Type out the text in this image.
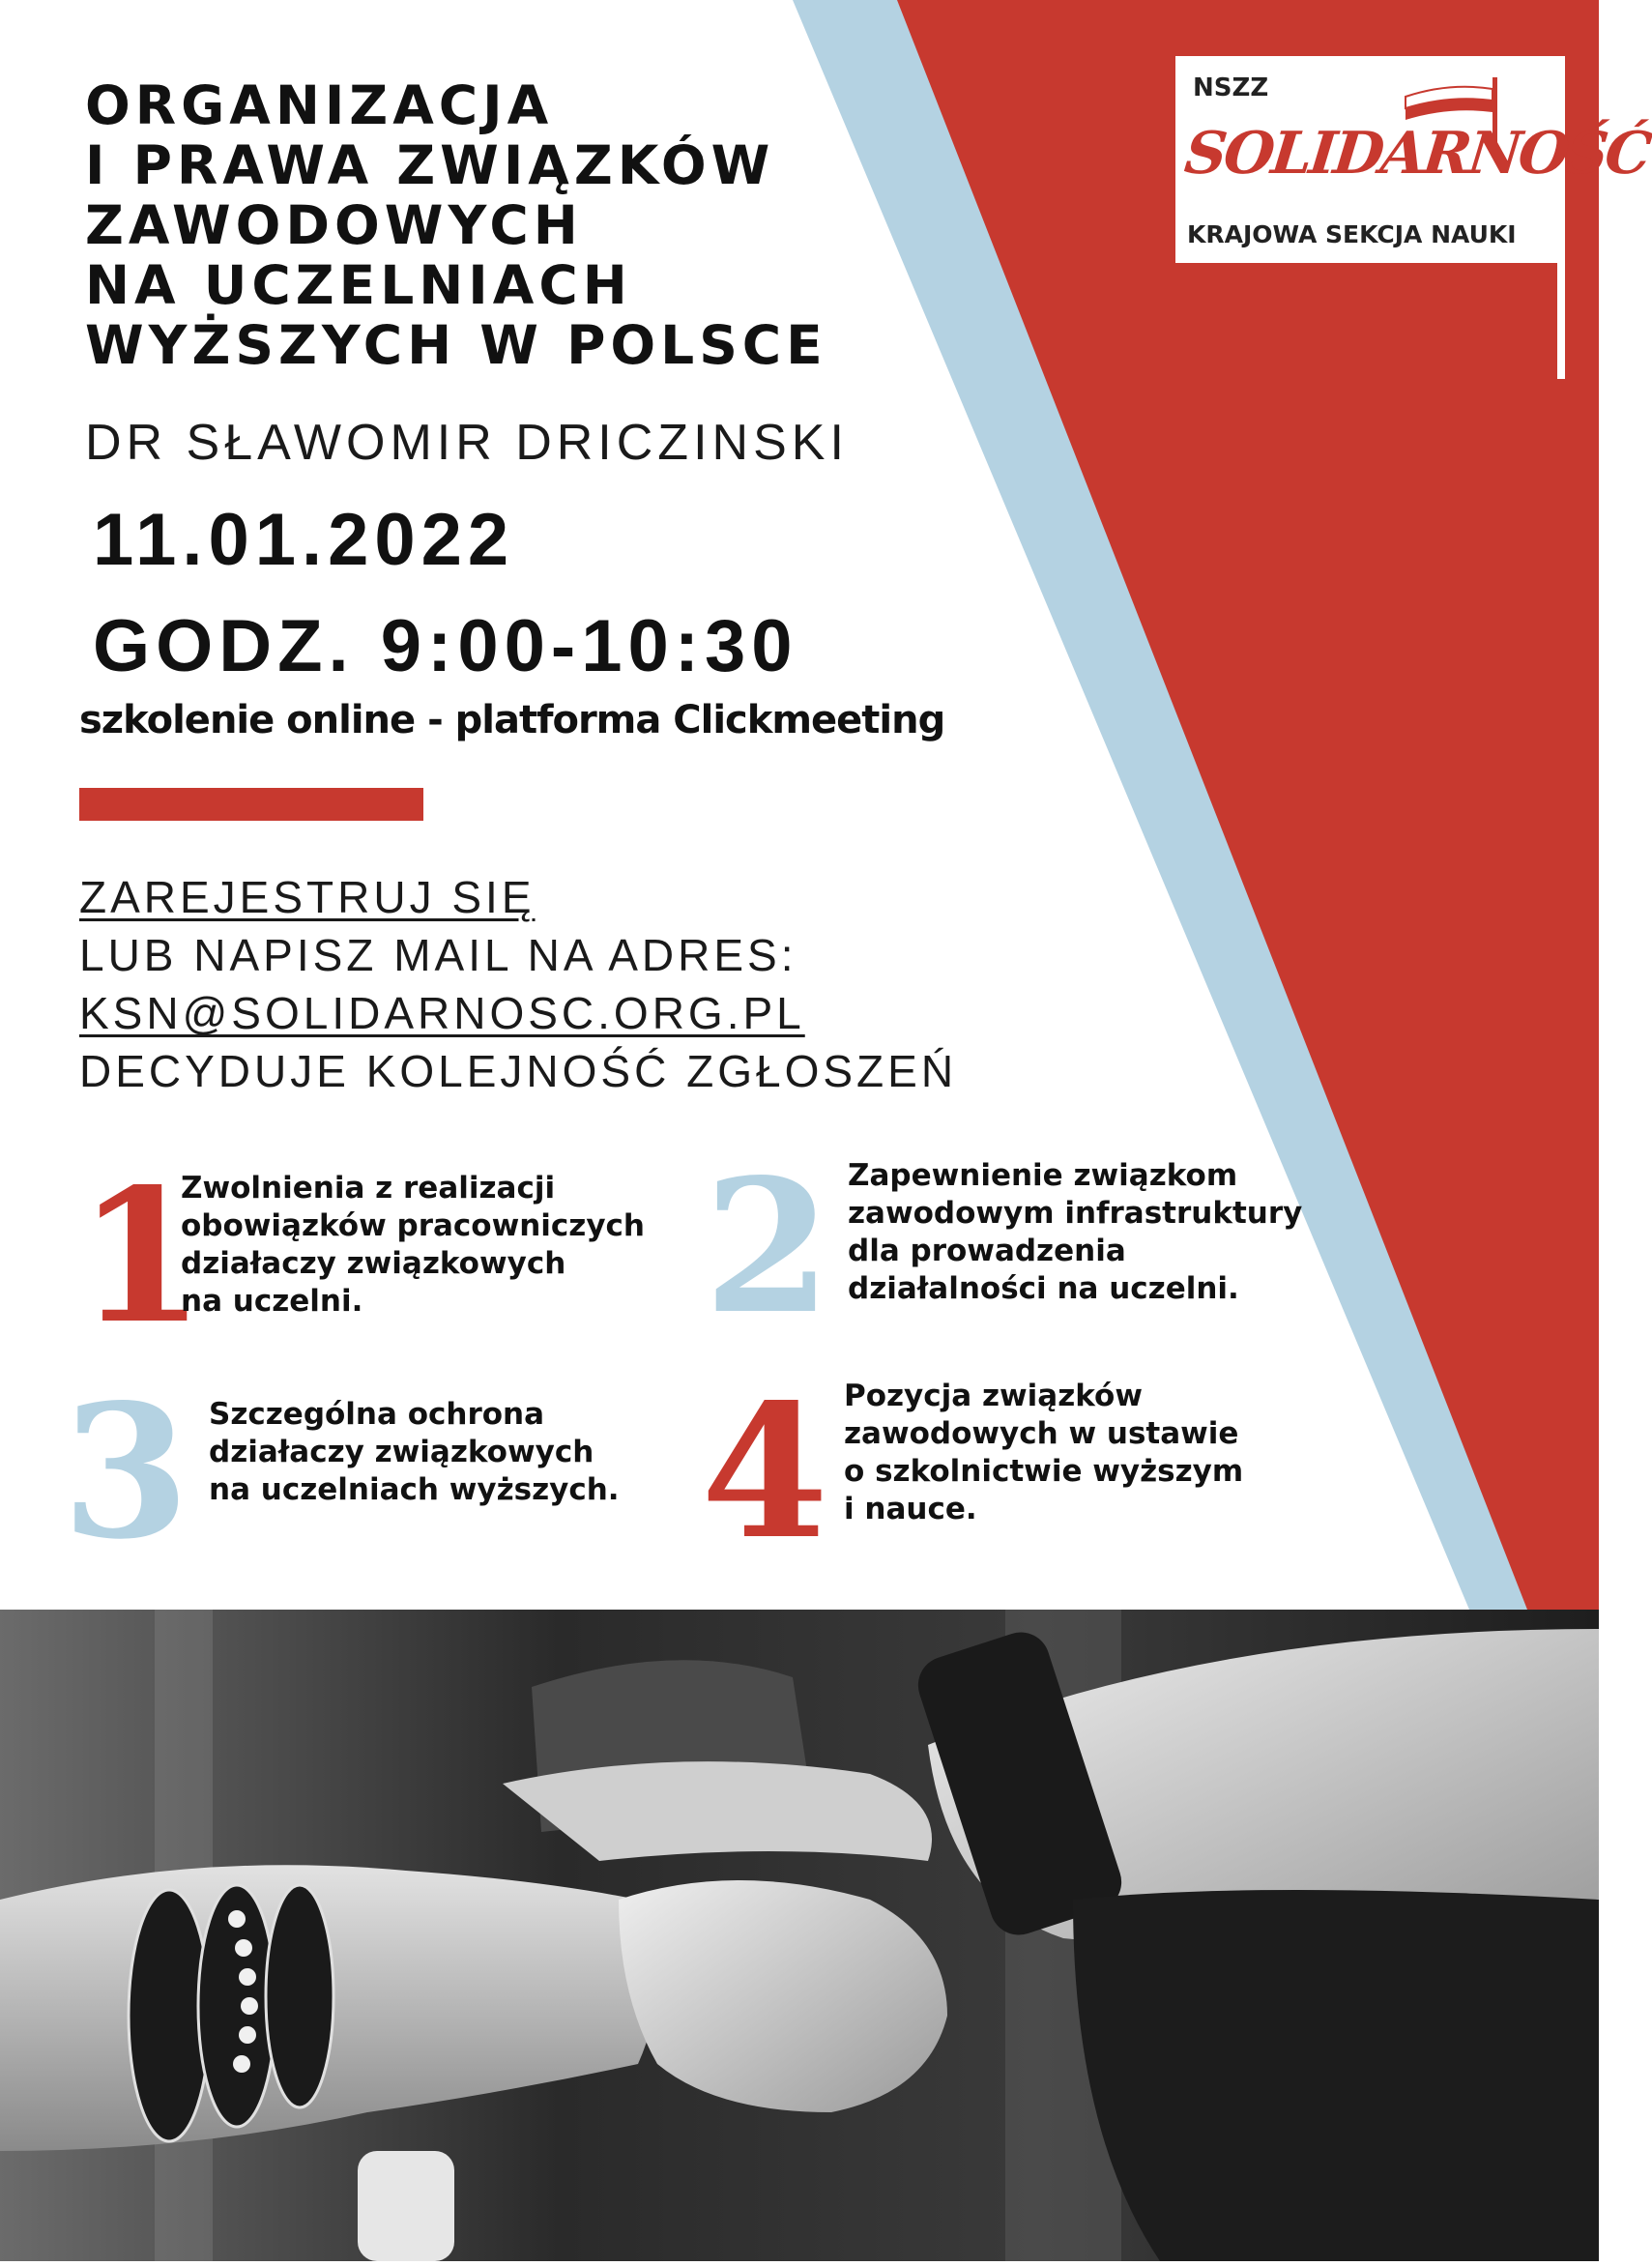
ORGANIZACJA
I PRAWA ZWIĄZKÓW
ZAWODOWYCH
NA UCZELNIACH
WYŻSZYCH W POLSCE
DR SŁAWOMIR DRICZINSKI
11.01.2022
GODZ. 9:00-10:30
szkolenie online - platforma Clickmeeting
ZAREJESTRUJ SIĘ
LUB NAPISZ MAIL NA ADRES:
KSN@SOLIDARNOSC.ORG.PL
DECYDUJE KOLEJNOŚĆ ZGŁOSZEŃ
1
Zwolnienia z realizacji
obowiązków pracowniczych
działaczy związkowych
na uczelni.	2 Zapewnienie związkom
zawodowym infrastruktury
dla prowadzenia
działalności na uczelni.
3 Szczególna ochrona
działaczy związkowych
na uczelniach wyższych. 4 Pozycja związków
zawodowych w ustawie
o szkolnictwie wyższym
i nauce.
NSZZ
SOLIDARNOŚĆ
KRAJOWA SEKCJA NAUKI
